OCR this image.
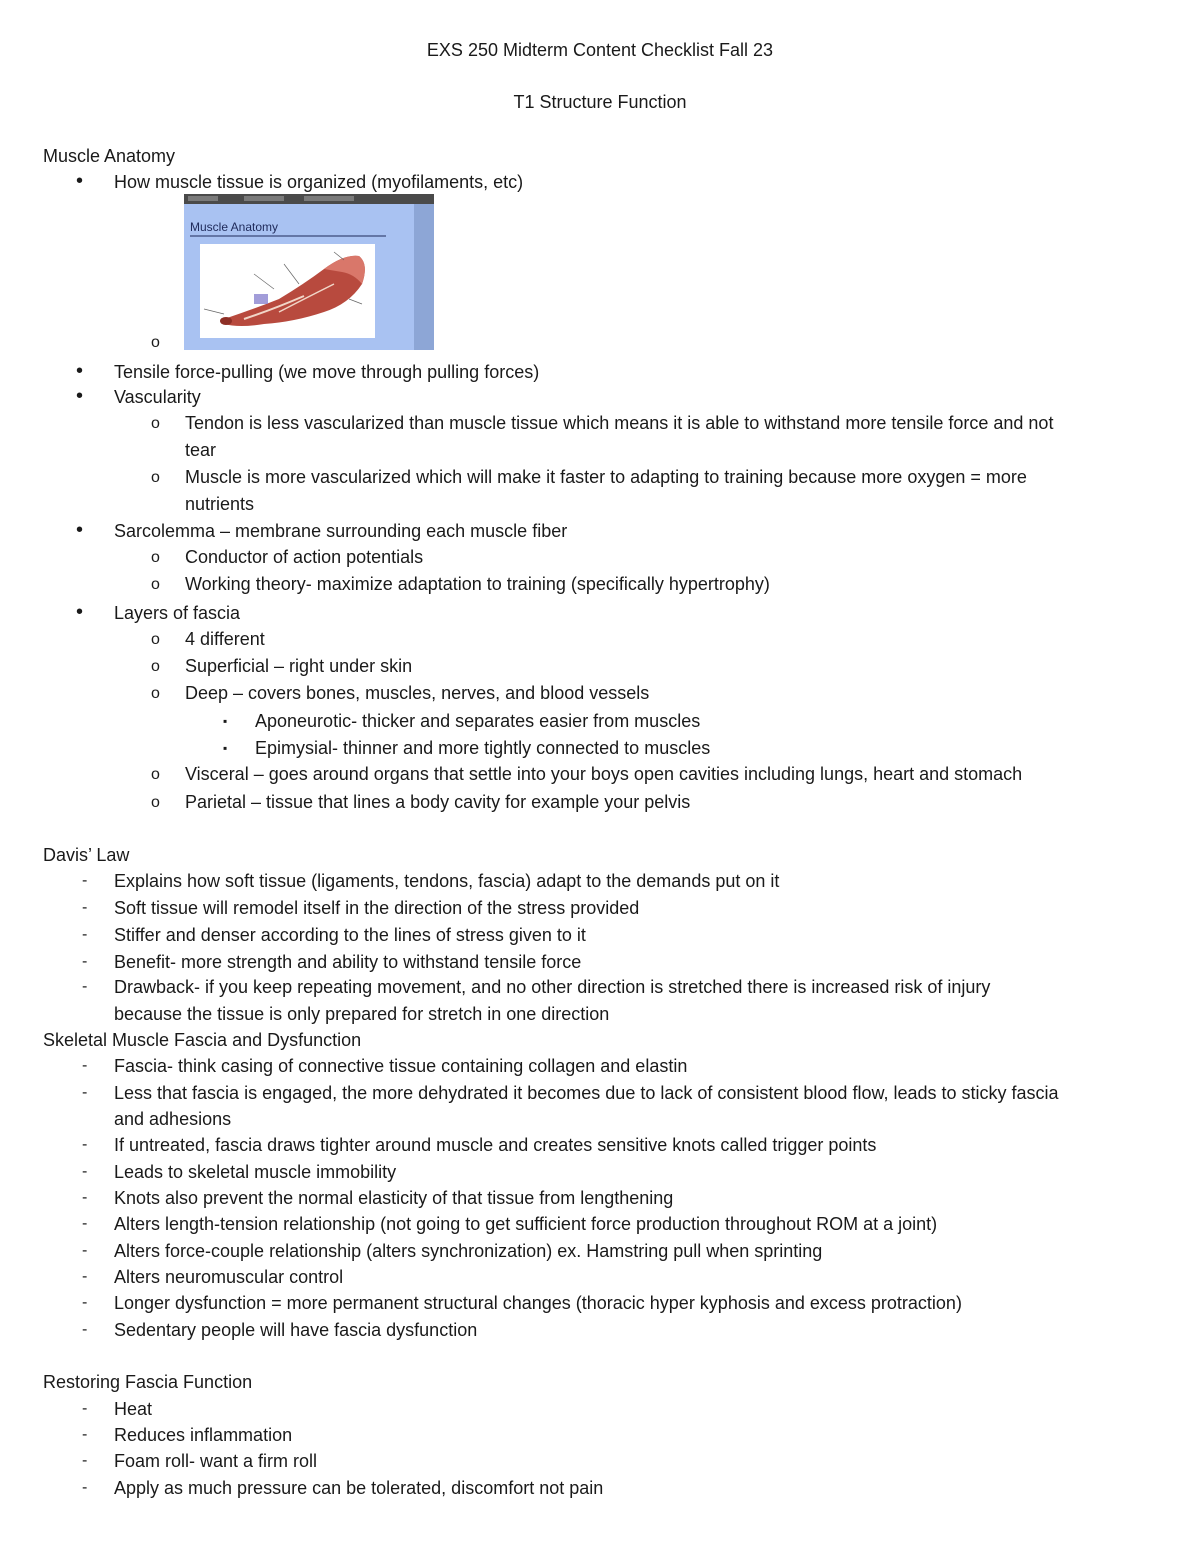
EXS 250 Midterm Content Checklist Fall 23
T1 Structure Function
Muscle Anatomy
• How muscle tissue is organized (myofilaments, etc)
Muscle Anatomy
o
• Tensile force-pulling (we move through pulling forces)
• Vascularity
o Tendon is less vascularized than muscle tissue which means it is able to withstand more tensile force and not
tear
o Muscle is more vascularized which will make it faster to adapting to training because more oxygen = more
nutrients
• Sarcolemma – membrane surrounding each muscle fiber
o Conductor of action potentials
o Working theory- maximize adaptation to training (specifically hypertrophy)
• Layers of fascia
o 4 different
o Superficial – right under skin
o Deep – covers bones, muscles, nerves, and blood vessels
▪ Aponeurotic- thicker and separates easier from muscles
▪ Epimysial- thinner and more tightly connected to muscles
o Visceral – goes around organs that settle into your boys open cavities including lungs, heart and stomach
o Parietal – tissue that lines a body cavity for example your pelvis
Davis’ Law
- Explains how soft tissue (ligaments, tendons, fascia) adapt to the demands put on it
- Soft tissue will remodel itself in the direction of the stress provided
- Stiffer and denser according to the lines of stress given to it
- Benefit- more strength and ability to withstand tensile force
- Drawback- if you keep repeating movement, and no other direction is stretched there is increased risk of injury
because the tissue is only prepared for stretch in one direction
Skeletal Muscle Fascia and Dysfunction
- Fascia- think casing of connective tissue containing collagen and elastin
- Less that fascia is engaged, the more dehydrated it becomes due to lack of consistent blood flow, leads to sticky fascia
and adhesions
- If untreated, fascia draws tighter around muscle and creates sensitive knots called trigger points
- Leads to skeletal muscle immobility
- Knots also prevent the normal elasticity of that tissue from lengthening
- Alters length-tension relationship (not going to get sufficient force production throughout ROM at a joint)
- Alters force-couple relationship (alters synchronization) ex. Hamstring pull when sprinting
- Alters neuromuscular control
- Longer dysfunction = more permanent structural changes (thoracic hyper kyphosis and excess protraction)
- Sedentary people will have fascia dysfunction
Restoring Fascia Function
- Heat
- Reduces inflammation
- Foam roll- want a firm roll
- Apply as much pressure can be tolerated, discomfort not pain
